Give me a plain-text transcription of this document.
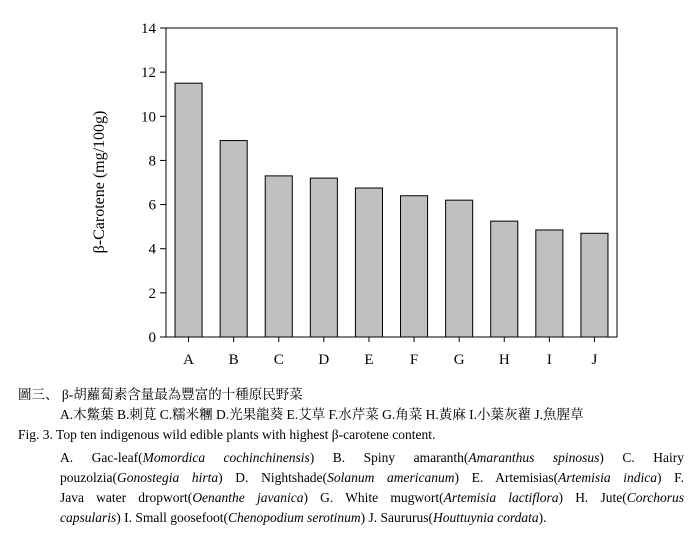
0
2
4
6
8
10
12
14
A B C D E F G H I	J
β-Carotene (mg/100g)
圖三、 β-胡蘿蔔素含量最為豐富的十種原民野菜
A.木鱉葉 B.刺莧 C.糯米糰 D.光果龍葵 E.艾草 F.水芹菜 G.角菜 H.黃麻 I.小葉灰藋 J.魚腥草
Fig. 3. Top ten indigenous wild edible plants with highest β-carotene content.
A. Gac-leaf(Momordica cochinchinensis) B. Spiny amaranth(Amaranthus spinosus) C. Hairy
pouzolzia(Gonostegia hirta) D. Nightshade(Solanum americanum) E. Artemisias(Artemisia indica) F.
Java water dropwort(Oenanthe javanica) G. White mugwort(Artemisia lactiflora) H. Jute(Corchorus
capsularis) I. Small goosefoot(Chenopodium serotinum) J. Saururus(Houttuynia cordata).
